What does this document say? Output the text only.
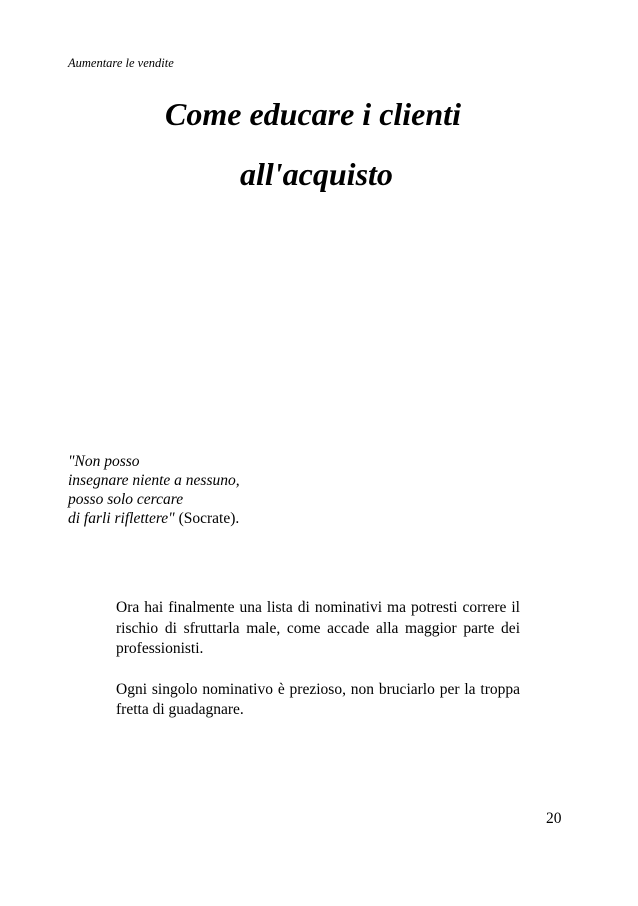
Aumentare le vendite
Come educare i clienti
all'acquisto
"Non posso
insegnare niente a nessuno,
posso solo cercare
di farli riflettere" (Socrate).

Ora hai finalmente una lista di nominativi ma potresti correre il rischio di sfruttarla male, come accade alla maggior parte dei professionisti.

Ogni singolo nominativo è prezioso, non bruciarlo per la troppa fretta di guadagnare.

20
